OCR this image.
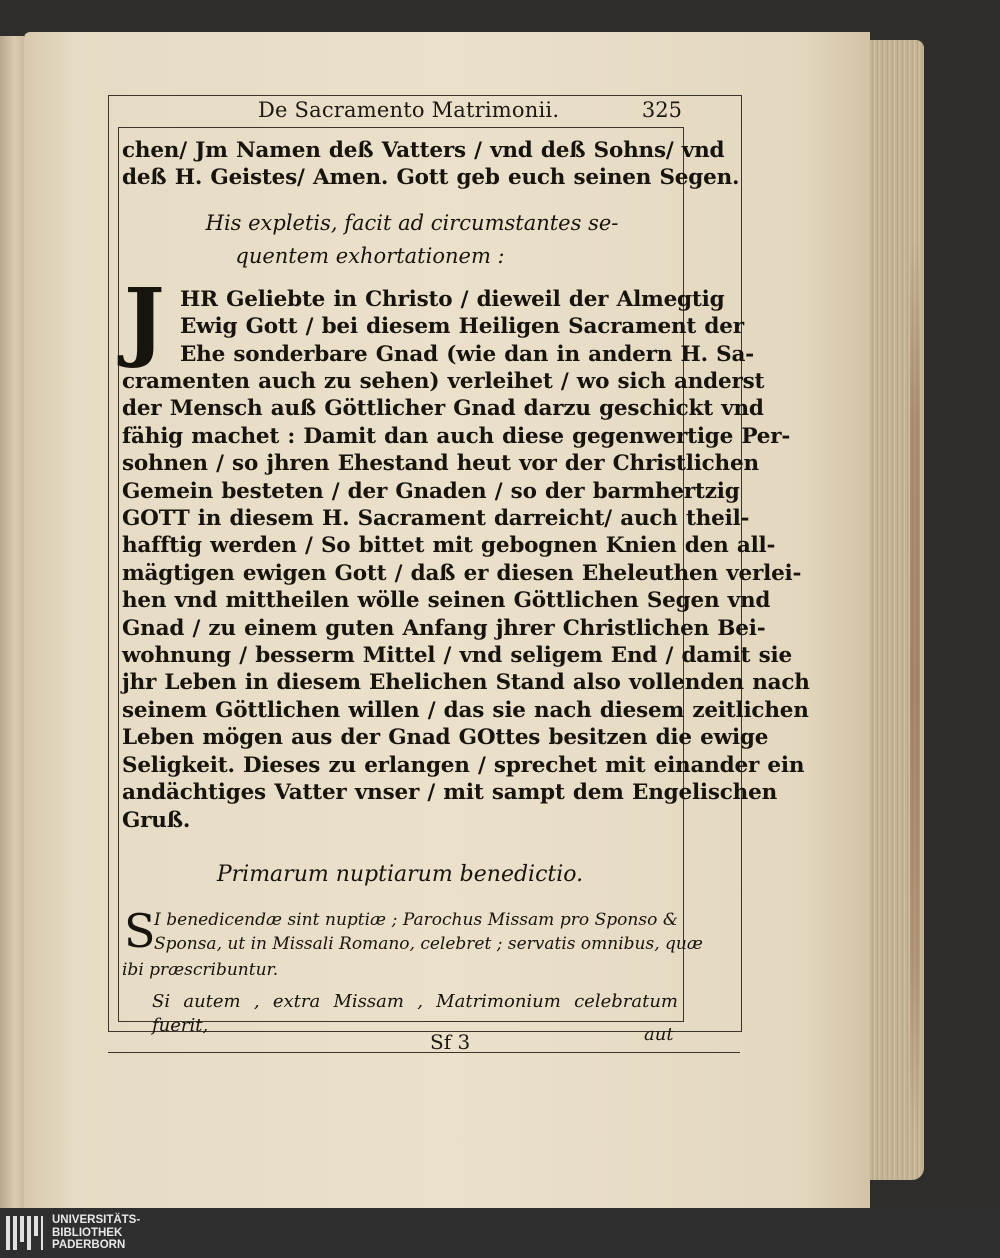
De Sacramento Matrimonii.	325
chen/ Jm Namen deß Vatters / vnd deß Sohns/ vnd
deß H. Geistes/ Amen. Gott geb euch seinen Segen.
His expletis, facit ad circumstantes se-
quentem exhortationem :
J HR Geliebte in Christo / dieweil der Almegtig
Ewig Gott / bei diesem Heiligen Sacrament der
Ehe sonderbare Gnad (wie dan in andern H. Sa-
cramenten auch zu sehen) verleihet / wo sich anderst
der Mensch auß Göttlicher Gnad darzu geschickt vnd
fähig machet : Damit dan auch diese gegenwertige Per-
sohnen / so jhren Ehestand heut vor der Christlichen
Gemein besteten / der Gnaden / so der barmhertzig
GOTT in diesem H. Sacrament darreicht/ auch theil-
hafftig werden / So bittet mit gebognen Knien den all-
mägtigen ewigen Gott / daß er diesen Eheleuthen verlei-
hen vnd mittheilen wölle seinen Göttlichen Segen vnd
Gnad / zu einem guten Anfang jhrer Christlichen Bei-
wohnung / besserm Mittel / vnd seligem End / damit sie
jhr Leben in diesem Ehelichen Stand also vollenden nach
seinem Göttlichen willen / das sie nach diesem zeitlichen
Leben mögen aus der Gnad GOttes besitzen die ewige
Seligkeit. Dieses zu erlangen / sprechet mit einander ein
andächtiges Vatter vnser / mit sampt dem Engelischen
Gruß.
Primarum nuptiarum benedictio.
S
I benedicendæ sint nuptiæ ; Parochus Missam pro Sponso &
Sponsa, ut in Missali Romano, celebret ; servatis omnibus, quæ
ibi præscribuntur.
Si autem , extra Missam , Matrimonium celebratum fuerit,
Sf 3	aut
UNIVERSITÄTS-
BIBLIOTHEK
PADERBORN
